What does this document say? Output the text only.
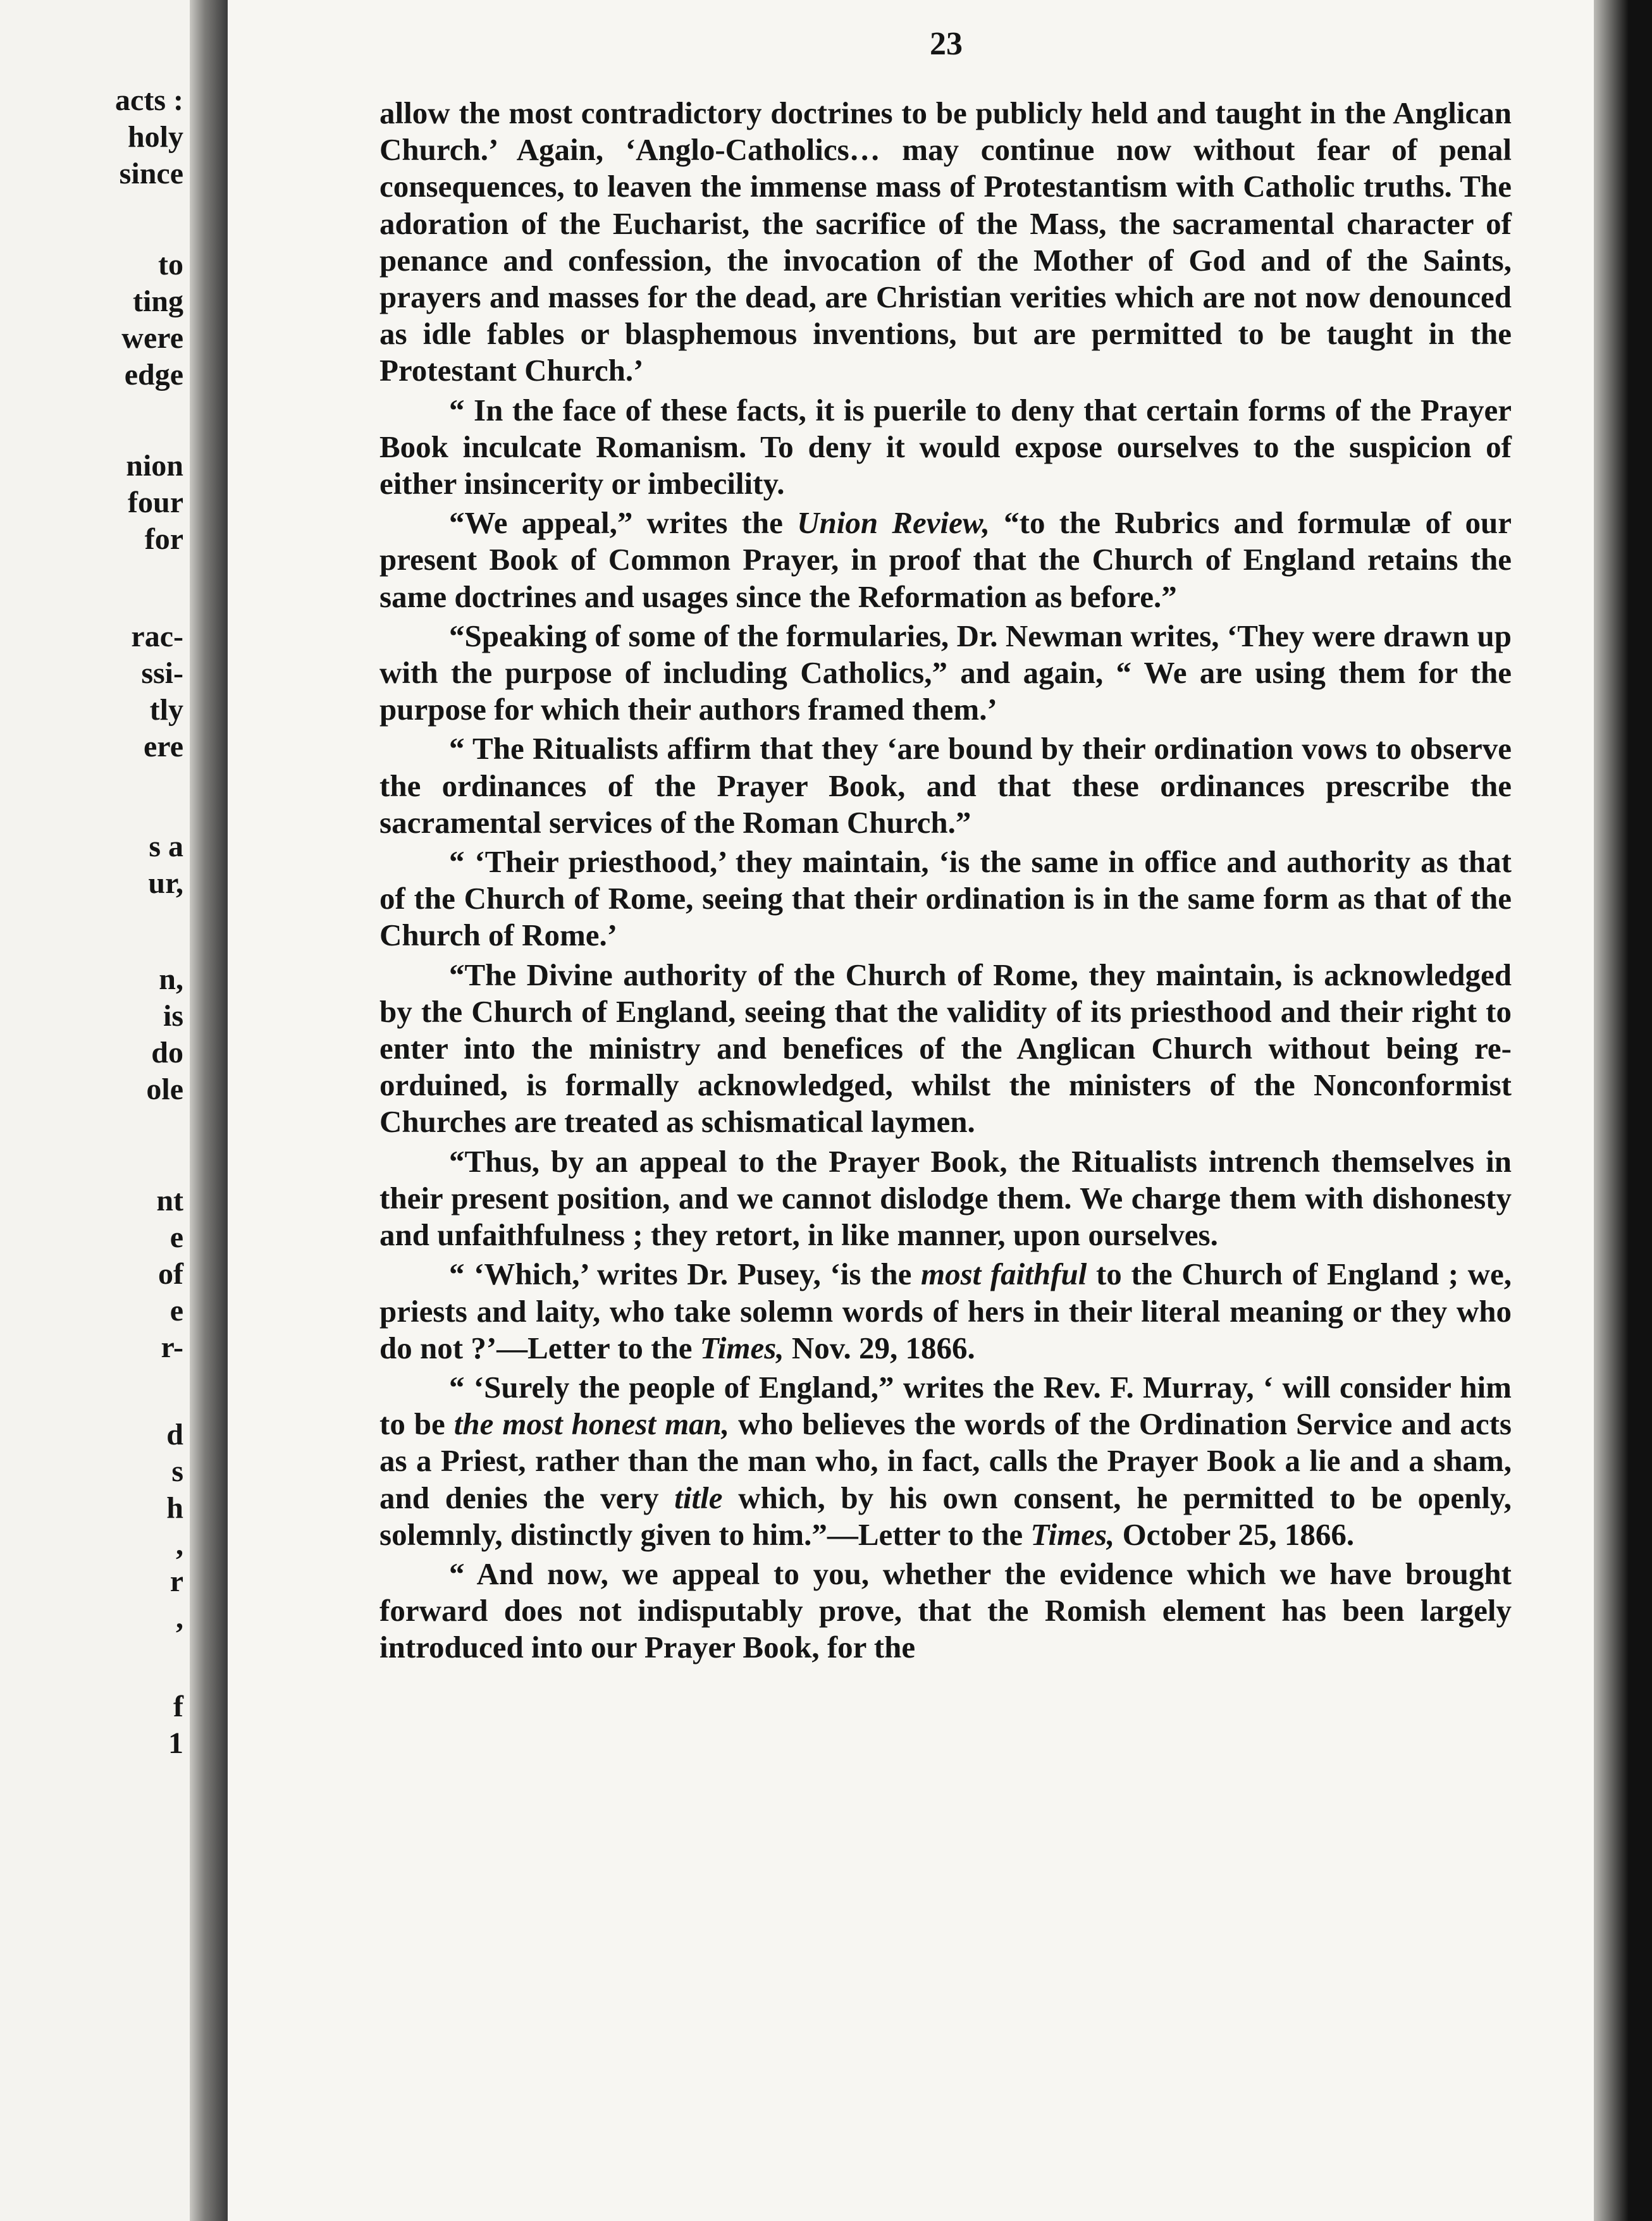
acts :
holy
since
to
ting
were
edge
nion
four
for
rac-
ssi-
tly
ere
s a
ur,
n,
is
do
ole
nt
e
of
e
r-
d
s
h
,
r
,
f
1
23

allow the most contradictory doctrines to be publicly held and taught in the Anglican Church.’ Again, ‘Anglo-Catholics… may continue now without fear of penal consequences, to leaven the immense mass of Protestantism with Catholic truths. The adoration of the Eucharist, the sacrifice of the Mass, the sacramental character of penance and confession, the invocation of the Mother of God and of the Saints, prayers and masses for the dead, are Christian verities which are not now denounced as idle fables or blasphemous inventions, but are permitted to be taught in the Protestant Church.’

“ In the face of these facts, it is puerile to deny that certain forms of the Prayer Book inculcate Romanism. To deny it would expose ourselves to the suspicion of either insincerity or imbecility.

“We appeal,” writes the Union Review, “to the Rubrics and formulæ of our present Book of Common Prayer, in proof that the Church of England retains the same doctrines and usages since the Reformation as before.”

“Speaking of some of the formularies, Dr. Newman writes, ‘They were drawn up with the purpose of including Catholics,” and again, “ We are using them for the purpose for which their authors framed them.’

“ The Ritualists affirm that they ‘are bound by their ordination vows to observe the ordinances of the Prayer Book, and that these ordinances prescribe the sacramental services of the Roman Church.”

“ ‘Their priesthood,’ they maintain, ‘is the same in office and authority as that of the Church of Rome, seeing that their ordination is in the same form as that of the Church of Rome.’

“The Divine authority of the Church of Rome, they maintain, is acknowledged by the Church of England, seeing that the validity of its priesthood and their right to enter into the ministry and benefices of the Anglican Church without being re-orduined, is formally acknowledged, whilst the ministers of the Nonconformist Churches are treated as schismatical laymen.

“Thus, by an appeal to the Prayer Book, the Ritualists intrench themselves in their present position, and we cannot dislodge them. We charge them with dishonesty and unfaithfulness ; they retort, in like manner, upon ourselves.

“ ‘Which,’ writes Dr. Pusey, ‘is the most faithful to the Church of England ; we, priests and laity, who take solemn words of hers in their literal meaning or they who do not ?’—Letter to the Times, Nov. 29, 1866.

“ ‘Surely the people of England,” writes the Rev. F. Murray, ‘ will consider him to be the most honest man, who believes the words of the Ordination Service and acts as a Priest, rather than the man who, in fact, calls the Prayer Book a lie and a sham, and denies the very title which, by his own consent, he permitted to be openly, solemnly, distinctly given to him.”—Letter to the Times, October 25, 1866.

“ And now, we appeal to you, whether the evidence which we have brought forward does not indisputably prove, that the Romish element has been largely introduced into our Prayer Book, for the
